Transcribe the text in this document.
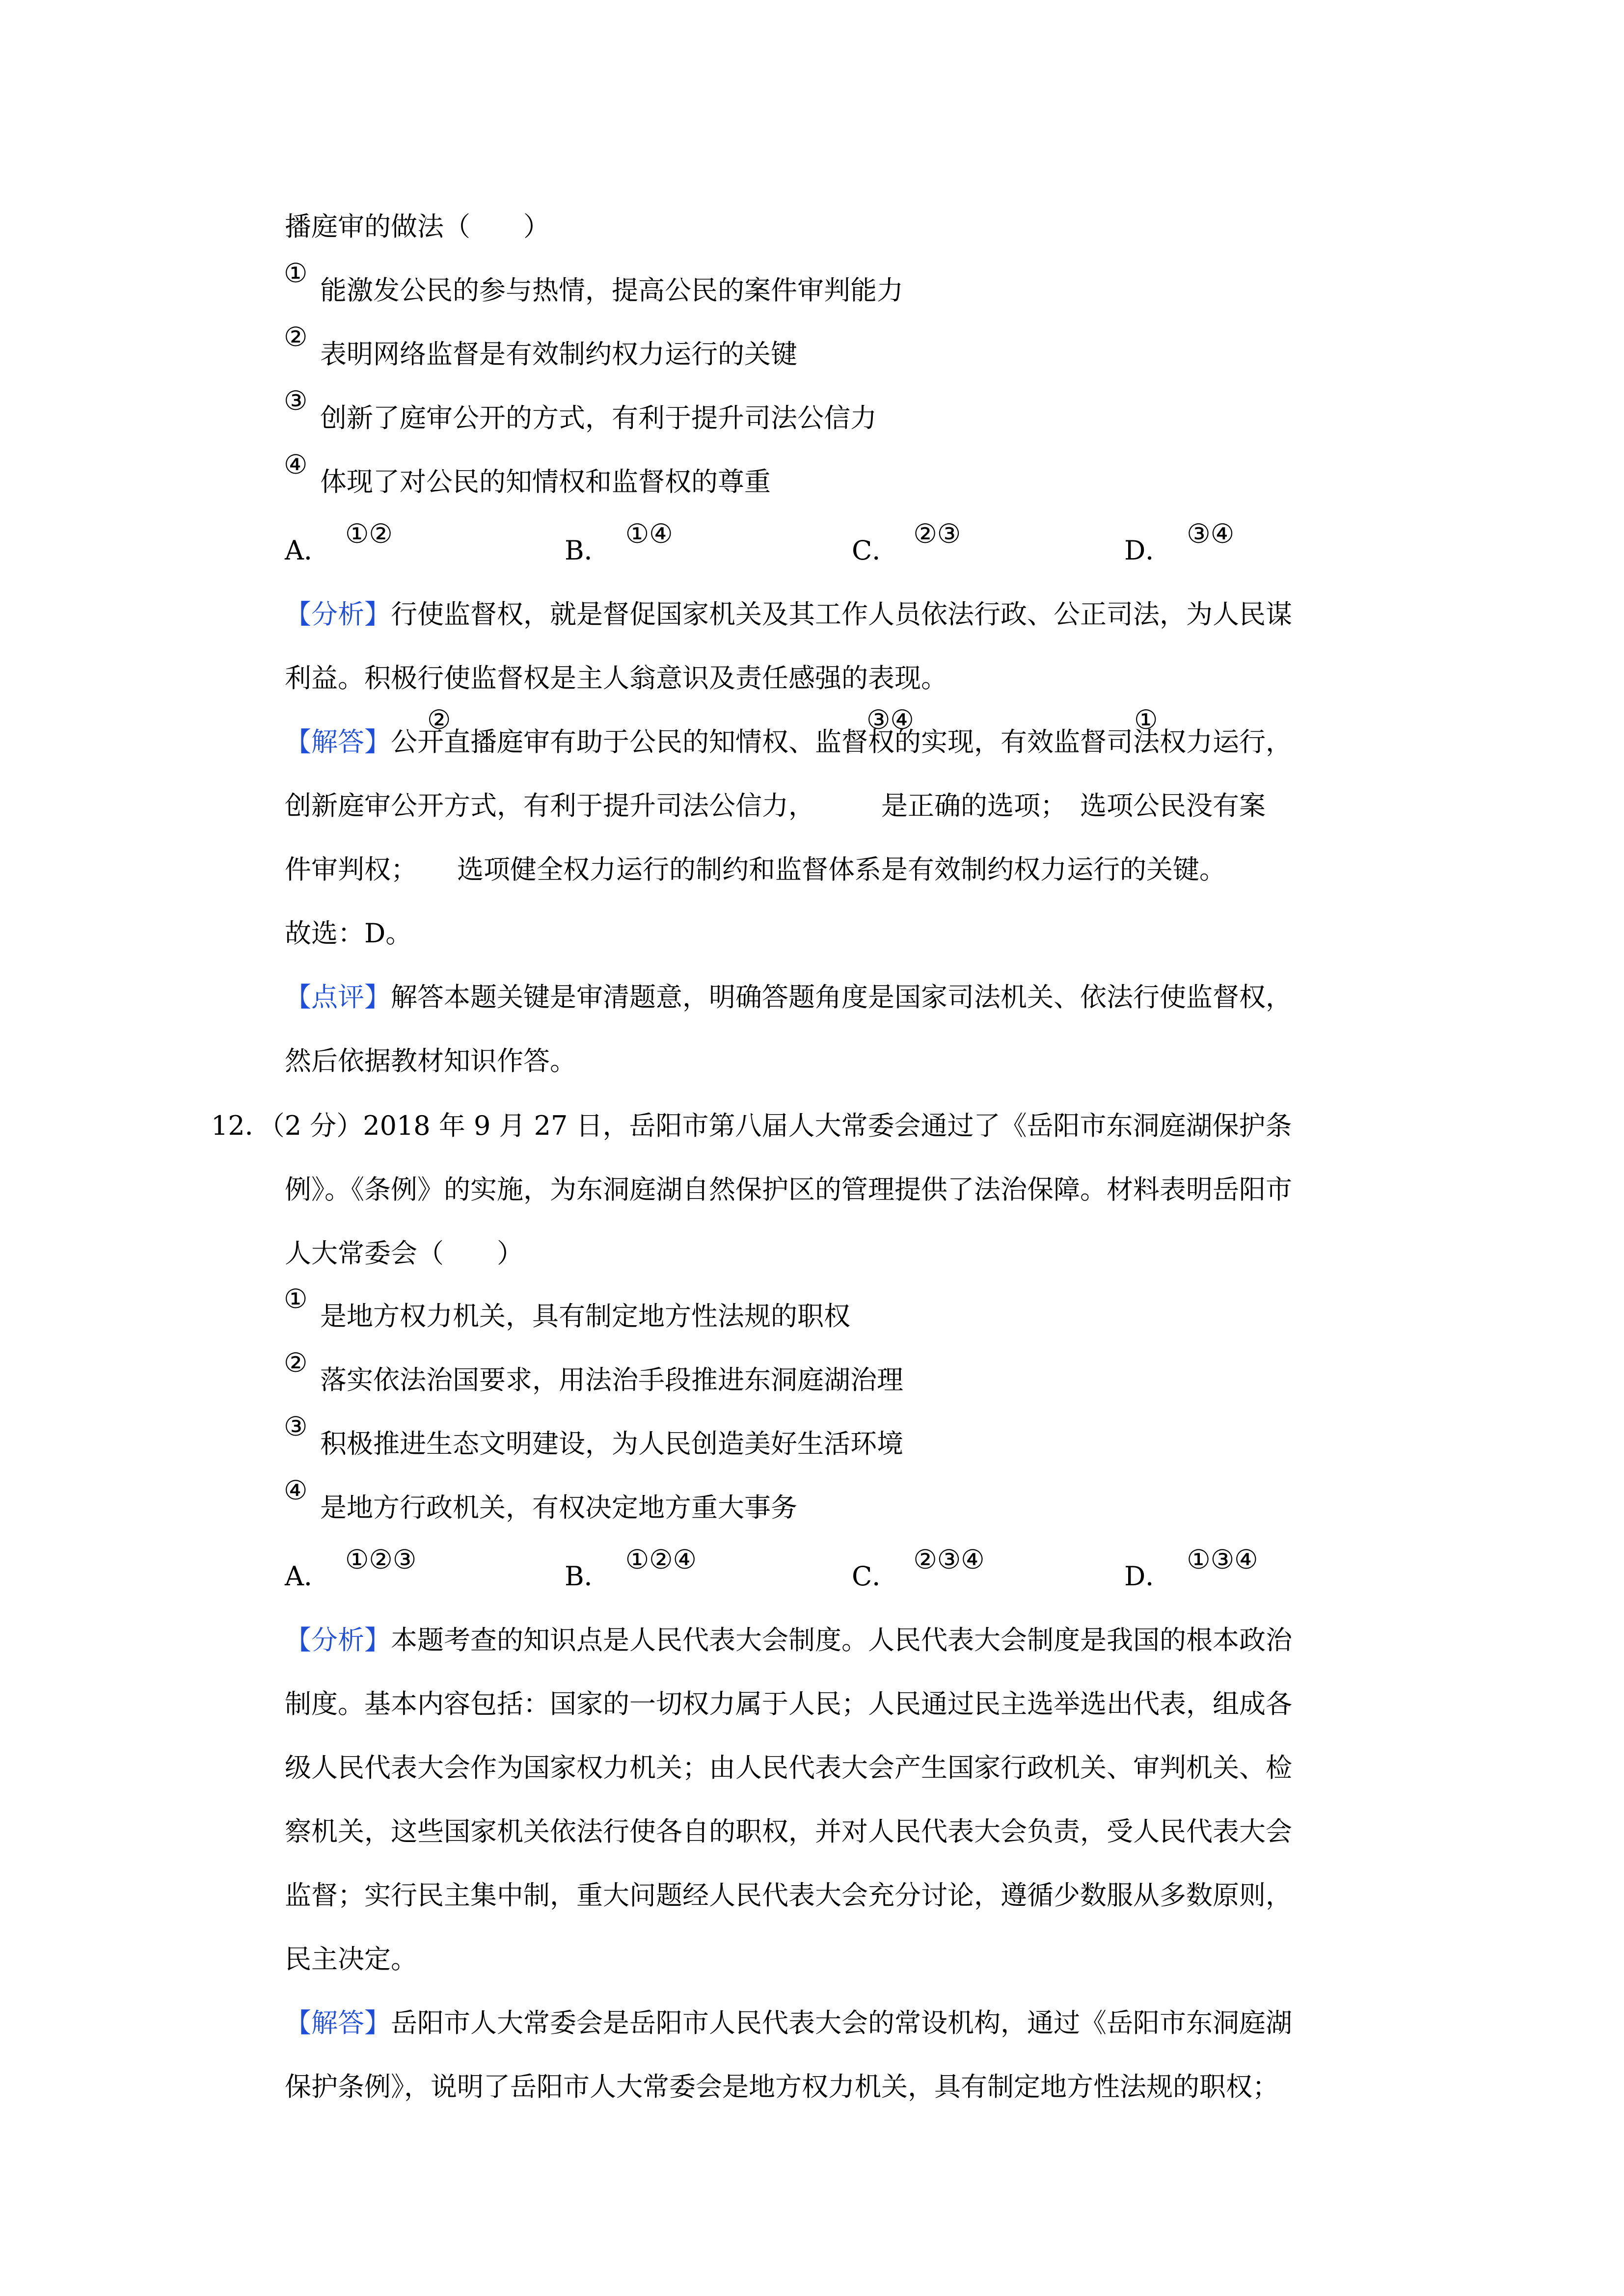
播庭审的做法（　　）
①
能激发公民的参与热情，提高公民的案件审判能力
②
表明网络监督是有效制约权力运行的关键
③
创新了庭审公开的方式，有利于提升司法公信力
④
体现了对公民的知情权和监督权的尊重
A．①②
B．①④
C．②③
D．③④
【分析】行使监督权，就是督促国家机关及其工作人员依法行政、公正司法，为人民谋
利益。积极行使监督权是主人翁意识及责任感强的表现。
②	③④	①
【解答】公开直播庭审有助于公民的知情权、监督权的实现，有效监督司法权力运行，
创新庭审公开方式，有利于提升司法公信力，　　　是正确的选项；　选项公民没有案
件审判权；　　选项健全权力运行的制约和监督体系是有效制约权力运行的关键。
故选：D。
【点评】解答本题关键是审清题意，明确答题角度是国家司法机关、依法行使监督权，
然后依据教材知识作答。
12．（2 分）2018 年 9 月 27 日，岳阳市第八届人大常委会通过了《岳阳市东洞庭湖保护条
例》。《条例》的实施，为东洞庭湖自然保护区的管理提供了法治保障。材料表明岳阳市
人大常委会（　　）
①
是地方权力机关，具有制定地方性法规的职权
②
落实依法治国要求，用法治手段推进东洞庭湖治理
③
积极推进生态文明建设，为人民创造美好生活环境
④
是地方行政机关，有权决定地方重大事务
A．①②③
B．①②④
C．②③④
D．①③④
【分析】本题考查的知识点是人民代表大会制度。人民代表大会制度是我国的根本政治
制度。基本内容包括：国家的一切权力属于人民；人民通过民主选举选出代表，组成各
级人民代表大会作为国家权力机关；由人民代表大会产生国家行政机关、审判机关、检
察机关，这些国家机关依法行使各自的职权，并对人民代表大会负责，受人民代表大会
监督；实行民主集中制，重大问题经人民代表大会充分讨论，遵循少数服从多数原则，
民主决定。
【解答】岳阳市人大常委会是岳阳市人民代表大会的常设机构，通过《岳阳市东洞庭湖
保护条例》，说明了岳阳市人大常委会是地方权力机关，具有制定地方性法规的职权；
